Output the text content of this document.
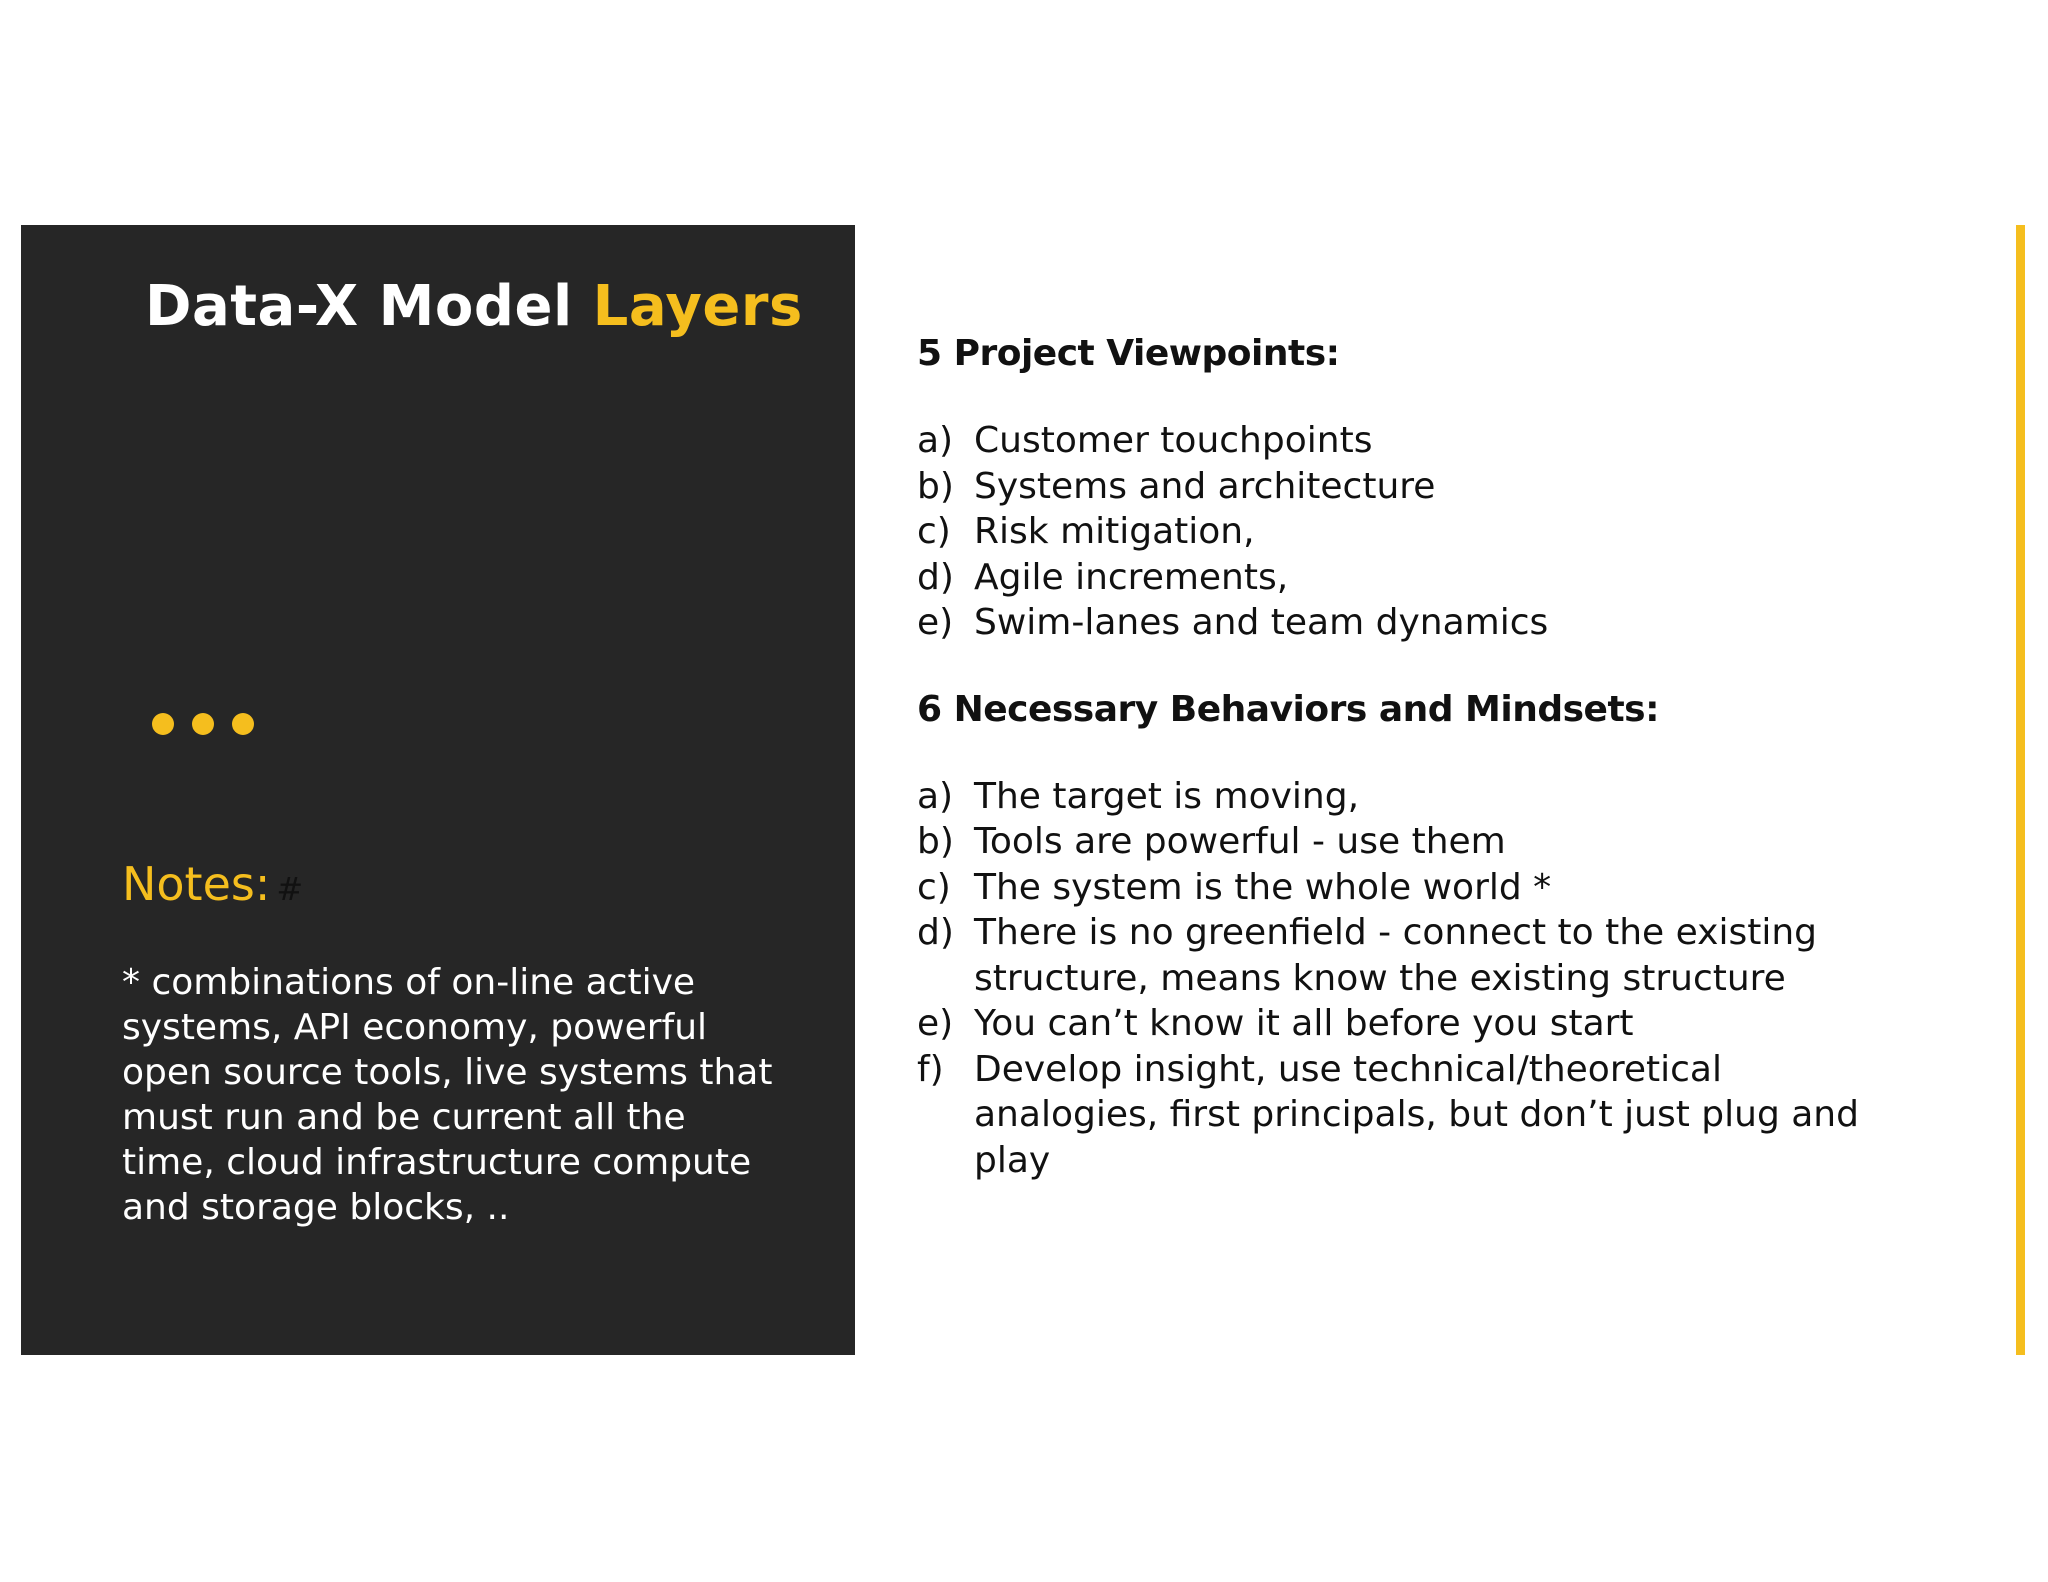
Data-X Model Layers
Notes: #

* combinations of on-line active systems, API economy, powerful open source tools, live systems that must run and be current all the time, cloud infrastructure compute and storage blocks, ..

5 Project Viewpoints:
a) Customer touchpoints
b) Systems and architecture
c) Risk mitigation,
d) Agile increments,
e) Swim-lanes and team dynamics
6 Necessary Behaviors and Mindsets:
a) The target is moving,
b) Tools are powerful - use them
c) The system is the whole world *
d) There is no greenfield - connect to the existing structure, means know the existing structure
e) You can’t know it all before you start
f) Develop insight, use technical/theoretical analogies, first principals, but don’t just plug and play
